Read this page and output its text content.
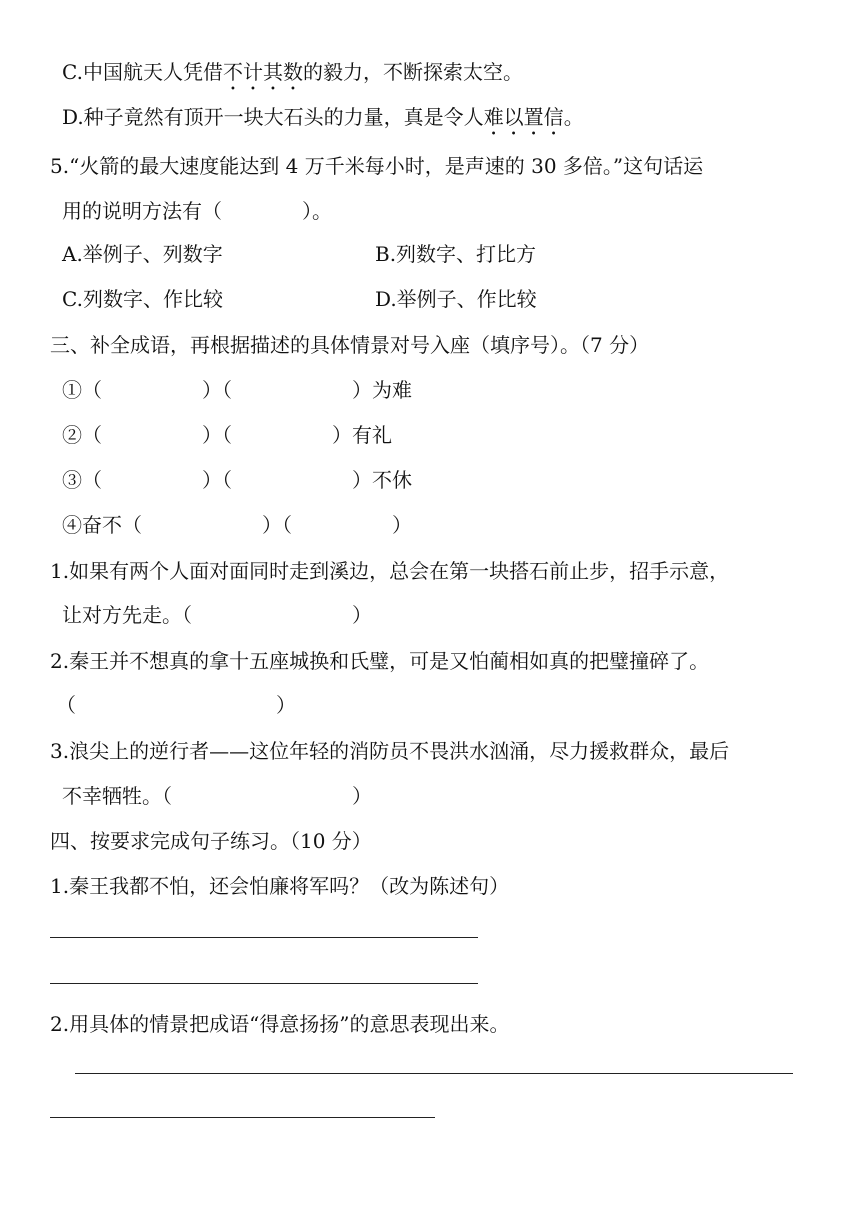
C.中国航天人凭借不计其数的毅力，不断探索太空。
D.种子竟然有顶开一块大石头的力量，真是令人难以置信。
5.“火箭的最大速度能达到 4 万千米每小时，是声速的 30 多倍。”这句话运
用的说明方法有（　　　　）。
A.举例子、列数字	B.列数字、打比方
C.列数字、作比较	D.举例子、作比较
三、补全成语，再根据描述的具体情景对号入座（填序号）。（7 分）
①（　　　　　）（　　　　　　）为难
②（　　　　　）（　　　　　）有礼
③（　　　　　）（　　　　　　）不休
④奋不（　　　　　　）（　　　　　）
1.如果有两个人面对面同时走到溪边，总会在第一块搭石前止步，招手示意，
让对方先走。（　　　　　　　　）
2.秦王并不想真的拿十五座城换和氏璧，可是又怕蔺相如真的把璧撞碎了。
（　　　　　　　　　　）
3.浪尖上的逆行者——这位年轻的消防员不畏洪水汹涌，尽力援救群众，最后
不幸牺牲。（　　　　　　　　　）
四、按要求完成句子练习。（10 分）
1.秦王我都不怕，还会怕廉将军吗？（改为陈述句）
2.用具体的情景把成语“得意扬扬”的意思表现出来。
